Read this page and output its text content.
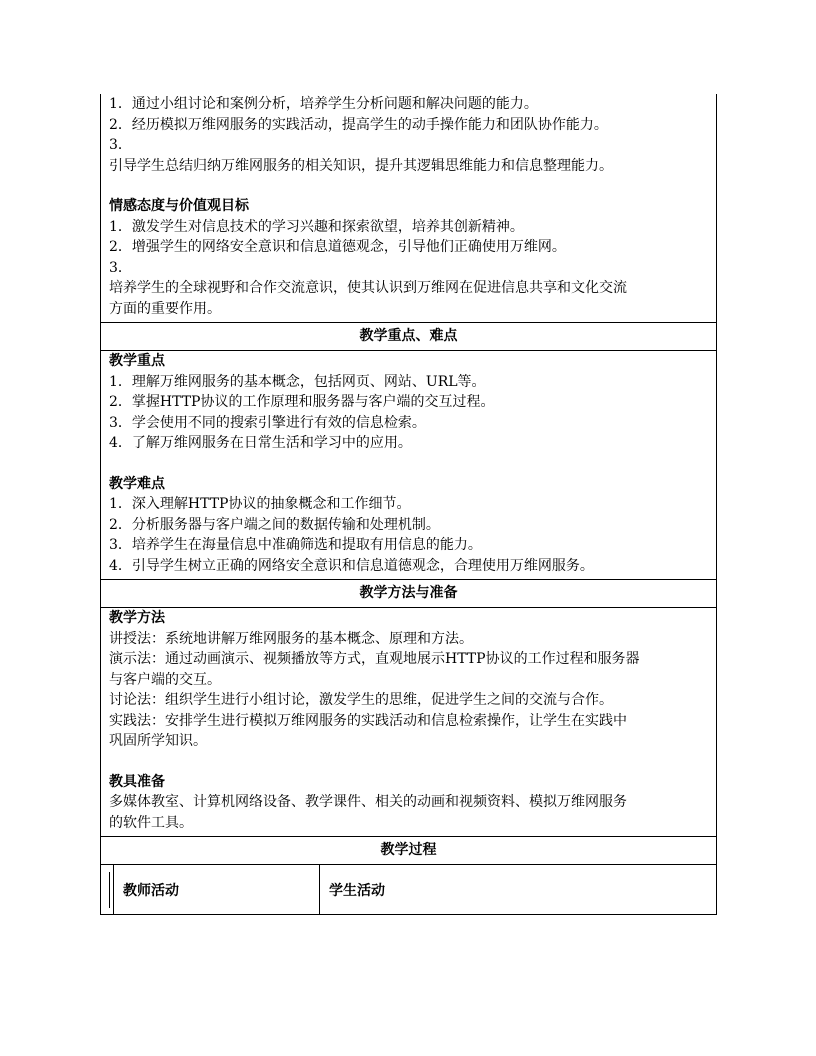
1．通过小组讨论和案例分析，培养学生分析问题和解决问题的能力。
2．经历模拟万维网服务的实践活动，提高学生的动手操作能力和团队协作能力。
3．
引导学生总结归纳万维网服务的相关知识，提升其逻辑思维能力和信息整理能力。
情感态度与价值观目标
1．激发学生对信息技术的学习兴趣和探索欲望，培养其创新精神。
2．增强学生的网络安全意识和信息道德观念，引导他们正确使用万维网。
3．
培养学生的全球视野和合作交流意识，使其认识到万维网在促进信息共享和文化交流
方面的重要作用。
教学重点、难点
教学重点
1．理解万维网服务的基本概念，包括网页、网站、URL等。
2．掌握HTTP协议的工作原理和服务器与客户端的交互过程。
3．学会使用不同的搜索引擎进行有效的信息检索。
4．了解万维网服务在日常生活和学习中的应用。
教学难点
1．深入理解HTTP协议的抽象概念和工作细节。
2．分析服务器与客户端之间的数据传输和处理机制。
3．培养学生在海量信息中准确筛选和提取有用信息的能力。
4．引导学生树立正确的网络安全意识和信息道德观念，合理使用万维网服务。
教学方法与准备
教学方法
讲授法：系统地讲解万维网服务的基本概念、原理和方法。
演示法：通过动画演示、视频播放等方式，直观地展示HTTP协议的工作过程和服务器
与客户端的交互。
讨论法：组织学生进行小组讨论，激发学生的思维，促进学生之间的交流与合作。
实践法：安排学生进行模拟万维网服务的实践活动和信息检索操作，让学生在实践中
巩固所学知识。
教具准备
多媒体教室、计算机网络设备、教学课件、相关的动画和视频资料、模拟万维网服务
的软件工具。
教学过程
教师活动	学生活动
